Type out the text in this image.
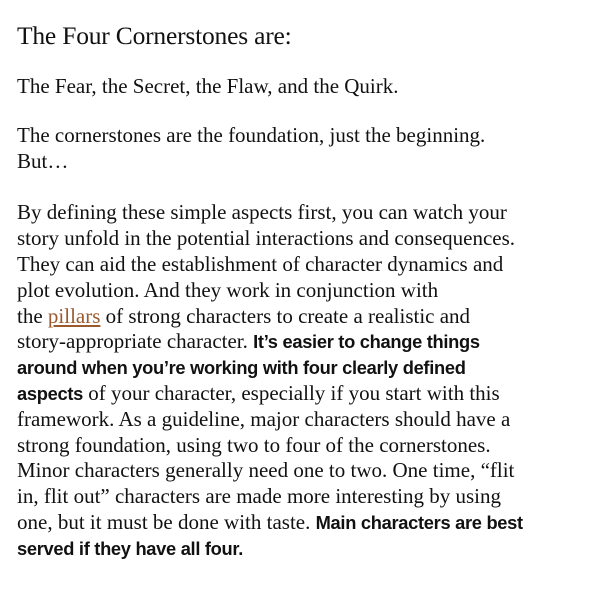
The Four Cornerstones are:

The Fear, the Secret, the Flaw, and the Quirk.

The cornerstones are the foundation, just the beginning.
But…

By defining these simple aspects first, you can watch your
story unfold in the potential interactions and consequences.
They can aid the establishment of character dynamics and
plot evolution. And they work in conjunction with
the pillars of strong characters to create a realistic and
story-appropriate character. It’s easier to change things
around when you’re working with four clearly defined
aspects of your character, especially if you start with this
framework. As a guideline, major characters should have a
strong foundation, using two to four of the cornerstones.
Minor characters generally need one to two. One time, “flit
in, flit out” characters are made more interesting by using
one, but it must be done with taste. Main characters are best
served if they have all four.
